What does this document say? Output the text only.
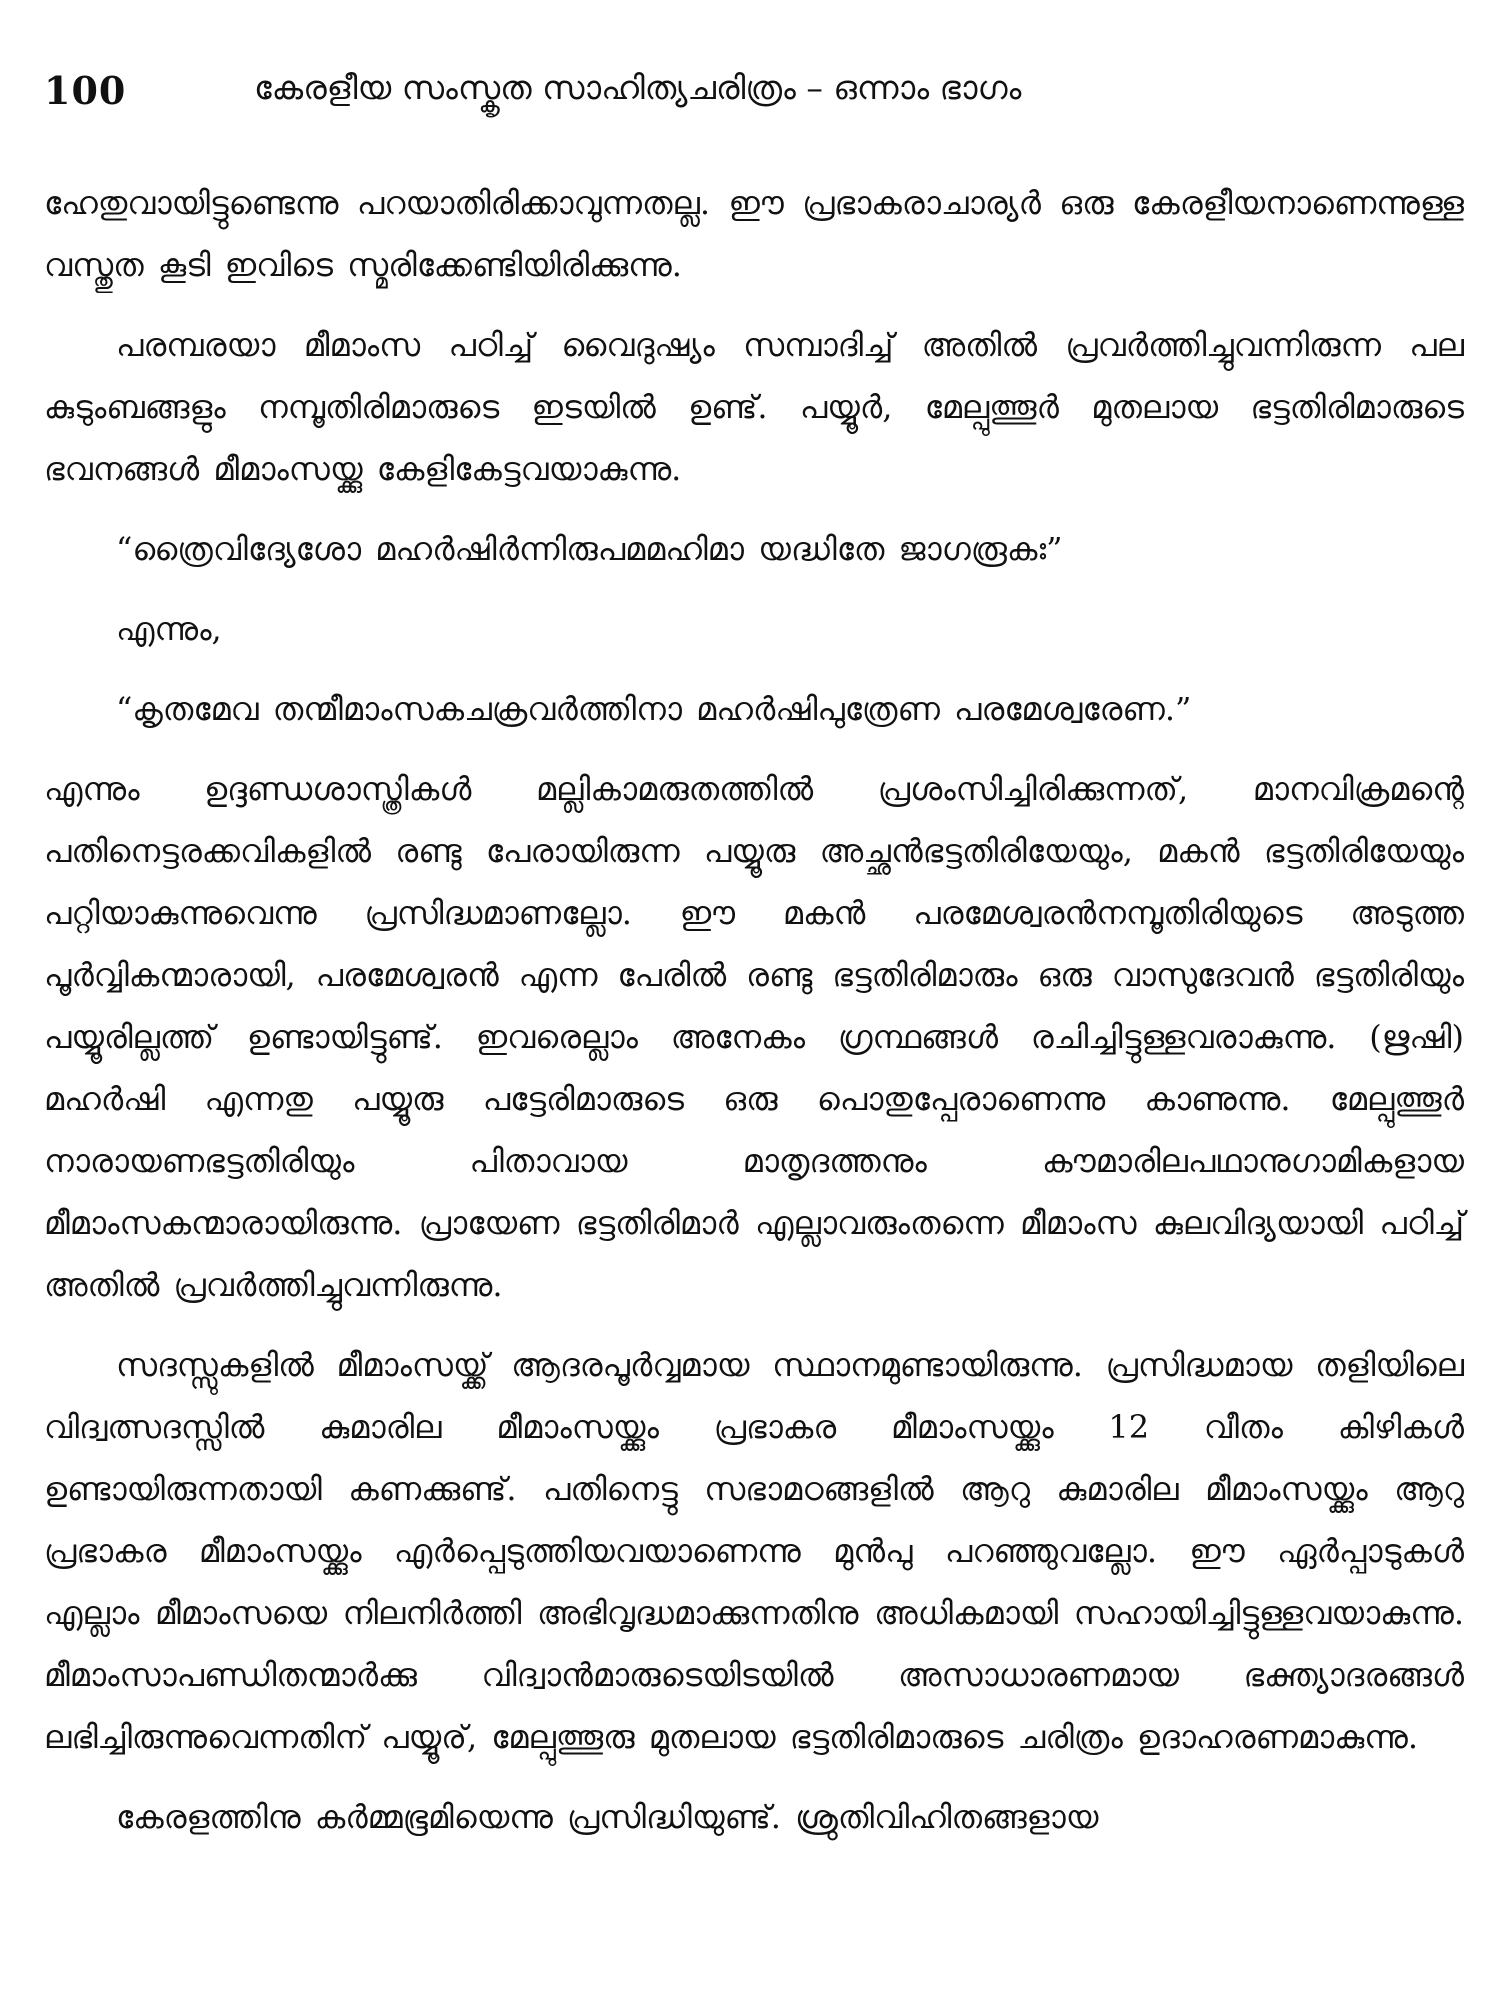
100	കേരളീയ സംസ്കൃത സാഹിത്യചരിത്രം – ഒന്നാം ഭാഗം

ഹേതുവായിട്ടുണ്ടെന്നു പറയാതിരിക്കാവുന്നതല്ല. ഈ പ്രഭാകരാചാര്യർ ഒരു കേരളീയനാണെന്നുള്ള വസ്തുത കൂടി ഇവിടെ സ്മരിക്കേണ്ടിയിരിക്കുന്നു.

പരമ്പരയാ മീമാംസ പഠിച്ച് വൈദുഷ്യം സമ്പാദിച്ച് അതിൽ പ്രവർത്തിച്ചുവന്നിരുന്ന പല കുടുംബങ്ങളും നമ്പൂതിരിമാരുടെ ഇടയിൽ ഉണ്ട്. പയ്യൂർ, മേല്പുത്തൂർ മുതലായ ഭട്ടതിരിമാരുടെ ഭവനങ്ങൾ മീമാംസയ്ക്കു കേളികേട്ടവയാകുന്നു.

“ത്രൈവിദ്യേശോ മഹർഷിർന്നിരുപമമഹിമാ യദ്ധിതേ ജാഗരൂകഃ”

എന്നും,

“കൃതമേവ തന്മീമാംസകചക്രവർത്തിനാ മഹർഷിപുത്രേണ പരമേശ്വരേണ.”

എന്നും ഉദ്ദണ്ഡശാസ്ത്രികൾ മല്ലികാമരുതത്തിൽ പ്രശംസിച്ചിരിക്കുന്നത്, മാനവിക്രമന്റെ പതിനെട്ടരക്കവികളിൽ രണ്ടു പേരായിരുന്ന പയ്യൂരു അച്ഛൻഭട്ടതിരിയേയും, മകൻ ഭട്ടതിരിയേയും പറ്റിയാകുന്നുവെന്നു പ്രസിദ്ധമാണല്ലോ. ഈ മകൻ പരമേശ്വരൻനമ്പൂതിരിയുടെ അടുത്ത പൂർവ്വികന്മാരായി, പരമേശ്വരൻ എന്ന പേരിൽ രണ്ടു ഭട്ടതിരിമാരും ഒരു വാസുദേവൻ ഭട്ടതിരിയും പയ്യൂരില്ലത്ത് ഉണ്ടായിട്ടുണ്ട്. ഇവരെല്ലാം അനേകം ഗ്രന്ഥങ്ങൾ രചിച്ചിട്ടുള്ളവരാകുന്നു. (ഋഷി) മഹർഷി എന്നതു പയ്യൂരു പട്ടേരിമാരുടെ ഒരു പൊതുപ്പേരാണെന്നു കാണുന്നു. മേല്പുത്തൂർ നാരായണഭട്ടതിരിയും പിതാവായ മാതൃദത്തനും കൗമാരിലപഥാനുഗാമികളായ മീമാംസകന്മാരായിരുന്നു. പ്രായേണ ഭട്ടതിരിമാർ എല്ലാവരുംതന്നെ മീമാംസ കുലവിദ്യയായി പഠിച്ച് അതിൽ പ്രവർത്തിച്ചുവന്നിരുന്നു.

സദസ്സുകളിൽ മീമാംസയ്ക്ക് ആദരപൂർവ്വമായ സ്ഥാനമുണ്ടായിരുന്നു. പ്രസിദ്ധമായ തളിയിലെ വിദ്വത്സദസ്സിൽ കുമാരില മീമാംസയ്ക്കും പ്രഭാകര മീമാംസയ്ക്കും 12 വീതം കിഴികൾ ഉണ്ടായിരുന്നതായി കണക്കുണ്ട്. പതിനെട്ടു സഭാമഠങ്ങളിൽ ആറു കുമാരില മീമാംസയ്ക്കും ആറു പ്രഭാകര മീമാംസയ്ക്കും എർപ്പെടുത്തിയവയാണെന്നു മുൻപു പറഞ്ഞുവല്ലോ. ഈ ഏർപ്പാടുകൾ എല്ലാം മീമാംസയെ നിലനിർത്തി അഭിവൃദ്ധമാക്കുന്നതിനു അധികമായി സഹായിച്ചിട്ടുള്ളവയാകുന്നു. മീമാംസാപണ്ഡിതന്മാർക്കു വിദ്വാൻമാരുടെയിടയിൽ അസാധാരണമായ ഭക്ത്യാദരങ്ങൾ ലഭിച്ചിരുന്നുവെന്നതിന് പയ്യൂര്, മേല്പുത്തൂരു മുതലായ ഭട്ടതിരിമാരുടെ ചരിത്രം ഉദാഹരണമാകുന്നു.

കേരളത്തിനു കർമ്മഭൂമിയെന്നു പ്രസിദ്ധിയുണ്ട്. ശ്രുതിവിഹിതങ്ങളായ
